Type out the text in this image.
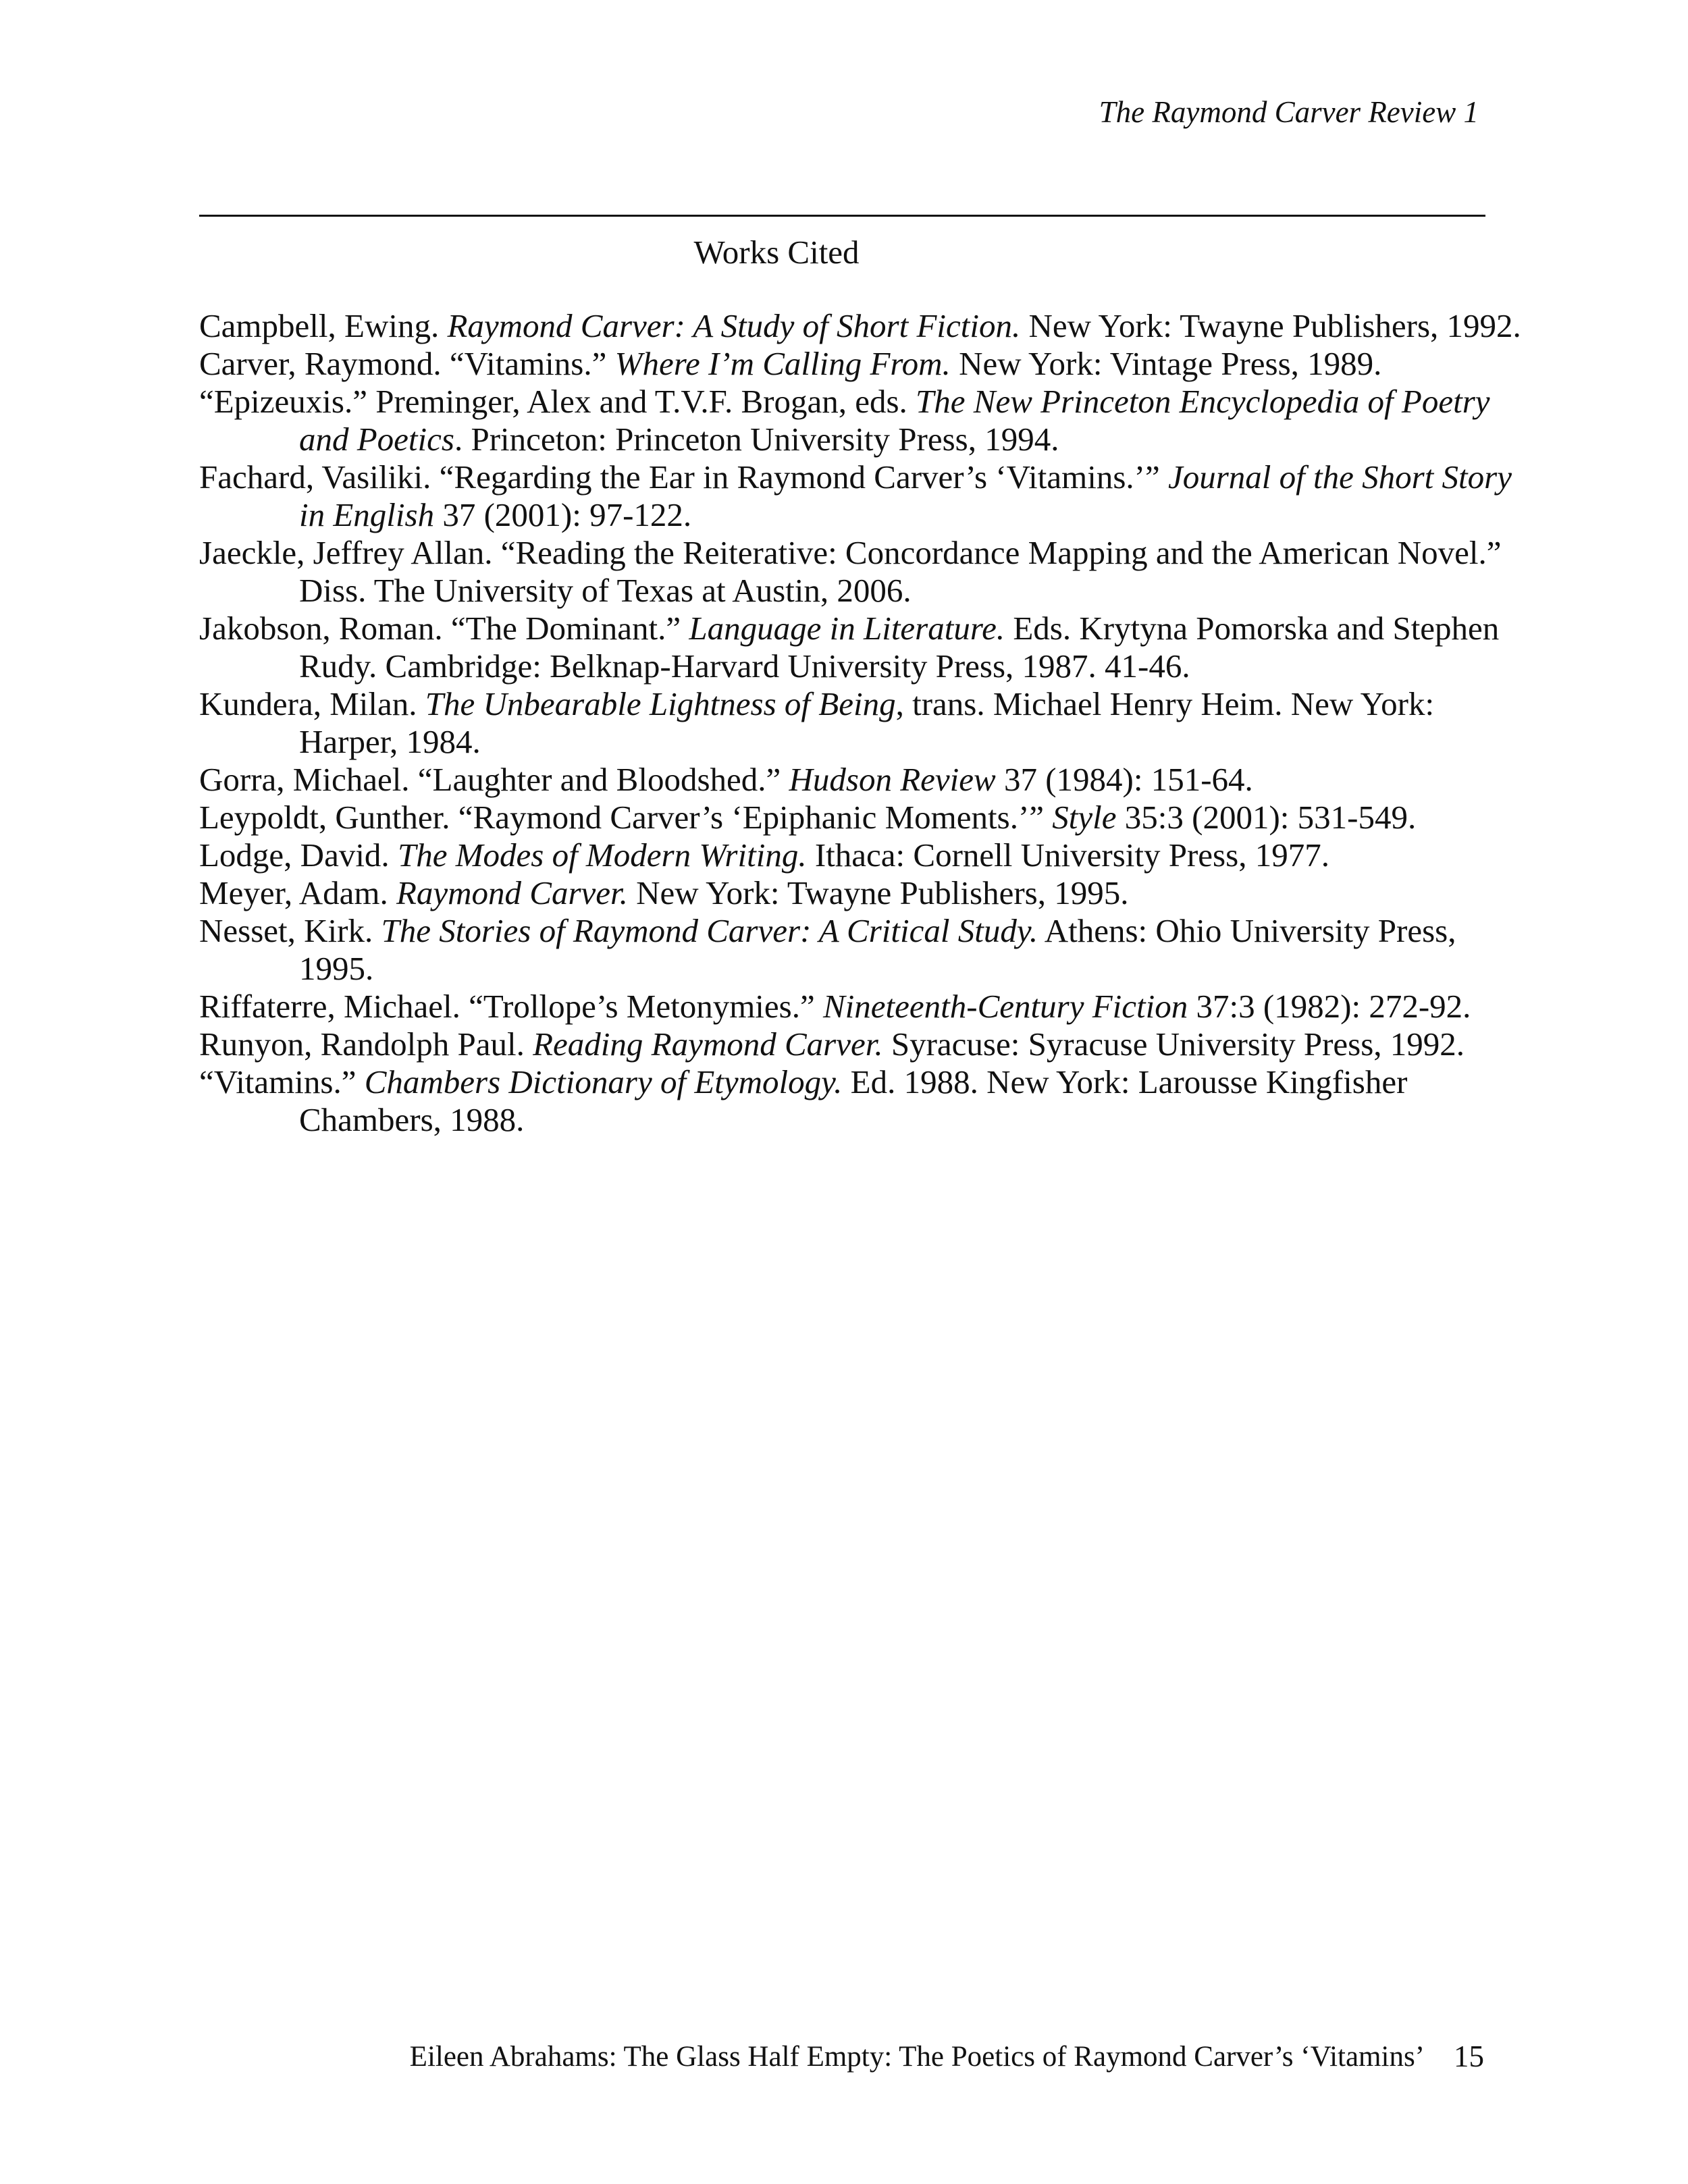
The Raymond Carver Review 1
Works Cited
Campbell, Ewing. Raymond Carver: A Study of Short Fiction. New York: Twayne Publishers, 1992.
Carver, Raymond. “Vitamins.” Where I’m Calling From. New York: Vintage Press, 1989.
“Epizeuxis.” Preminger, Alex and T.V.F. Brogan, eds. The New Princeton Encyclopedia of Poetry and Poetics. Princeton: Princeton University Press, 1994.
Fachard, Vasiliki. “Regarding the Ear in Raymond Carver’s ‘Vitamins.’” Journal of the Short Story in English 37 (2001): 97-122.
Jaeckle, Jeffrey Allan. “Reading the Reiterative: Concordance Mapping and the American Novel.” Diss. The University of Texas at Austin, 2006.
Jakobson, Roman. “The Dominant.” Language in Literature. Eds. Krytyna Pomorska and Stephen Rudy. Cambridge: Belknap-Harvard University Press, 1987. 41-46.
Kundera, Milan. The Unbearable Lightness of Being, trans. Michael Henry Heim. New York: Harper, 1984.
Gorra, Michael. “Laughter and Bloodshed.” Hudson Review 37 (1984): 151-64.
Leypoldt, Gunther. “Raymond Carver’s ‘Epiphanic Moments.’” Style 35:3 (2001): 531-549.
Lodge, David. The Modes of Modern Writing. Ithaca: Cornell University Press, 1977.
Meyer, Adam. Raymond Carver. New York: Twayne Publishers, 1995.
Nesset, Kirk. The Stories of Raymond Carver: A Critical Study. Athens: Ohio University Press, 1995.
Riffaterre, Michael. “Trollope’s Metonymies.” Nineteenth-Century Fiction 37:3 (1982): 272-92.
Runyon, Randolph Paul. Reading Raymond Carver. Syracuse: Syracuse University Press, 1992.
“Vitamins.” Chambers Dictionary of Etymology. Ed. 1988. New York: Larousse Kingfisher Chambers, 1988.
Eileen Abrahams: The Glass Half Empty: The Poetics of Raymond Carver’s ‘Vitamins’ 15
